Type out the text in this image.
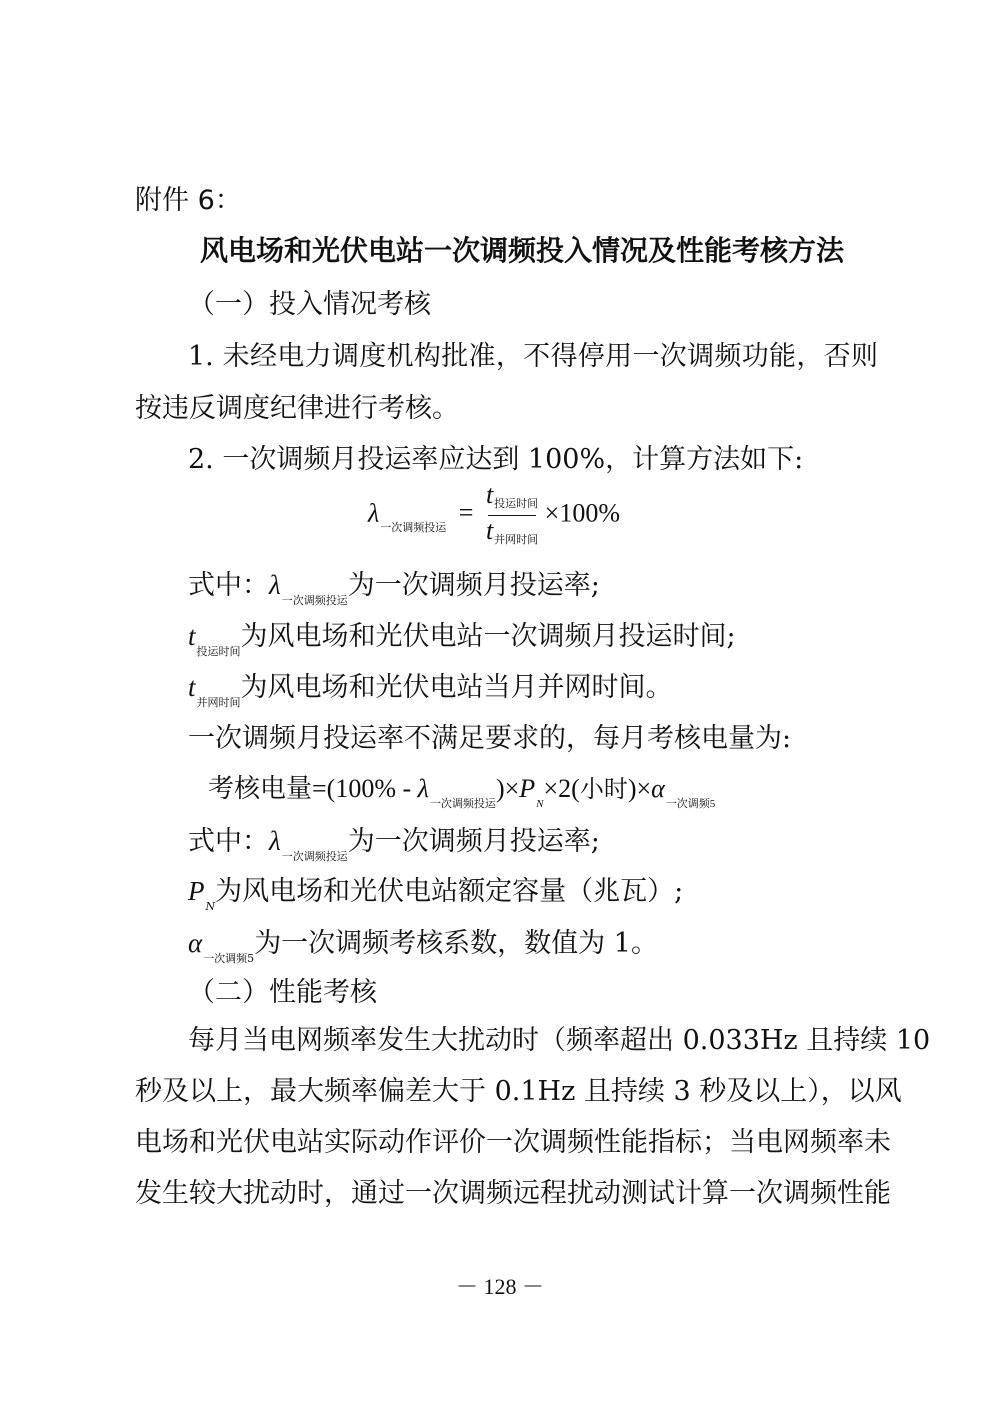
附件 6：
风电场和光伏电站一次调频投入情况及性能考核方法
（一）投入情况考核
1. 未经电力调度机构批准，不得停用一次调频功能，否则
按违反调度纪律进行考核。
2. 一次调频月投运率应达到 100%，计算方法如下:
$\lambda_{一次调频投运} = \frac{\text{t投运时间}}{\text{t并网时间}} \times 100\%$
式中：$\lambda_{一次调频投运}$为一次调频月投运率;
$t_{投运时间}$为风电场和光伏电站一次调频月投运时间;
$t_{并网时间}$为风电场和光伏电站当月并网时间。
一次调频月投运率不满足要求的，每月考核电量为:
考核电量$=(100\% - \lambda_{一次调频投运})\times P_N\times 2$(小时)$\times\alpha_{一次调频5}$
式中：$\lambda_{一次调频投运}$为一次调频月投运率;
$P_N$为风电场和光伏电站额定容量（兆瓦）;
$\alpha_{一次调频5}$为一次调频考核系数，数值为 1。
（二）性能考核
每月当电网频率发生大扰动时（频率超出 0.033Hz 且持续 10
秒及以上，最大频率偏差大于 0.1Hz 且持续 3 秒及以上），以风
电场和光伏电站实际动作评价一次调频性能指标；当电网频率未
发生较大扰动时，通过一次调频远程扰动测试计算一次调频性能
－ 128 －
